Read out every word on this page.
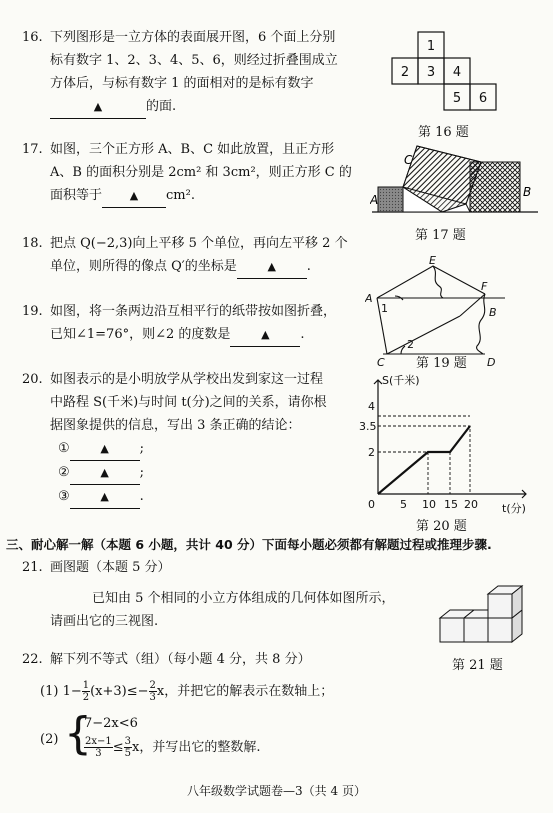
16. 下列图形是一立方体的表面展开图，6 个面上分别
标有数字 1、2、3、4、5、6，则经过折叠围成立
方体后，与标有数字 1 的面相对的是标有数字
▲	的面.
1
2 3 4
5 6
第 16 题
17. 如图，三个正方形 A、B、C 如此放置，且正方形
A、B 的面积分别是 2cm² 和 3cm²，则正方形 C 的
面积等于	▲ cm².	A
B
C
第 17 题
18. 把点 Q(−2,3)向上平移 5 个单位，再向左平移 2 个
单位，则所得的像点 Q′的坐标是	▲ .
19. 如图，将一条两边沿互相平行的纸带按如图折叠，
已知∠1=76°，则∠2 的度数是	▲ .
A
B
C	D
E
F
1
2
第 19 题
20. 如图表示的是小明放学从学校出发到家这一过程
中路程 S(千米)与时间 t(分)之间的关系，请你根
据图象提供的信息，写出 3 条正确的结论：
①	▲ ;
②	▲ ;
③	▲ .
S(千米)
t(分)
0
2
3.5
4
5 10 15 20
第 20 题
三、耐心解一解（本题 6 小题，共计 40 分）下面每小题必须都有解题过程或推理步骤.
21. 画图题（本题 5 分）
已知由 5 个相同的小立方体组成的几何体如图所示，
请画出它的三视图.
第 21 题
22. 解下列不等式（组）（每小题 4 分，共 8 分）
(1) $1- \frac{1}{2} (x+3)\le- \frac{2}{3}$ x，并把它的解表示在数轴上；
(2) {
7−2x<6
$\frac{2x-1}{3} \le \frac{3}{5}$ x，并写出它的整数解.
八年级数学试题卷—3（共 4 页）
